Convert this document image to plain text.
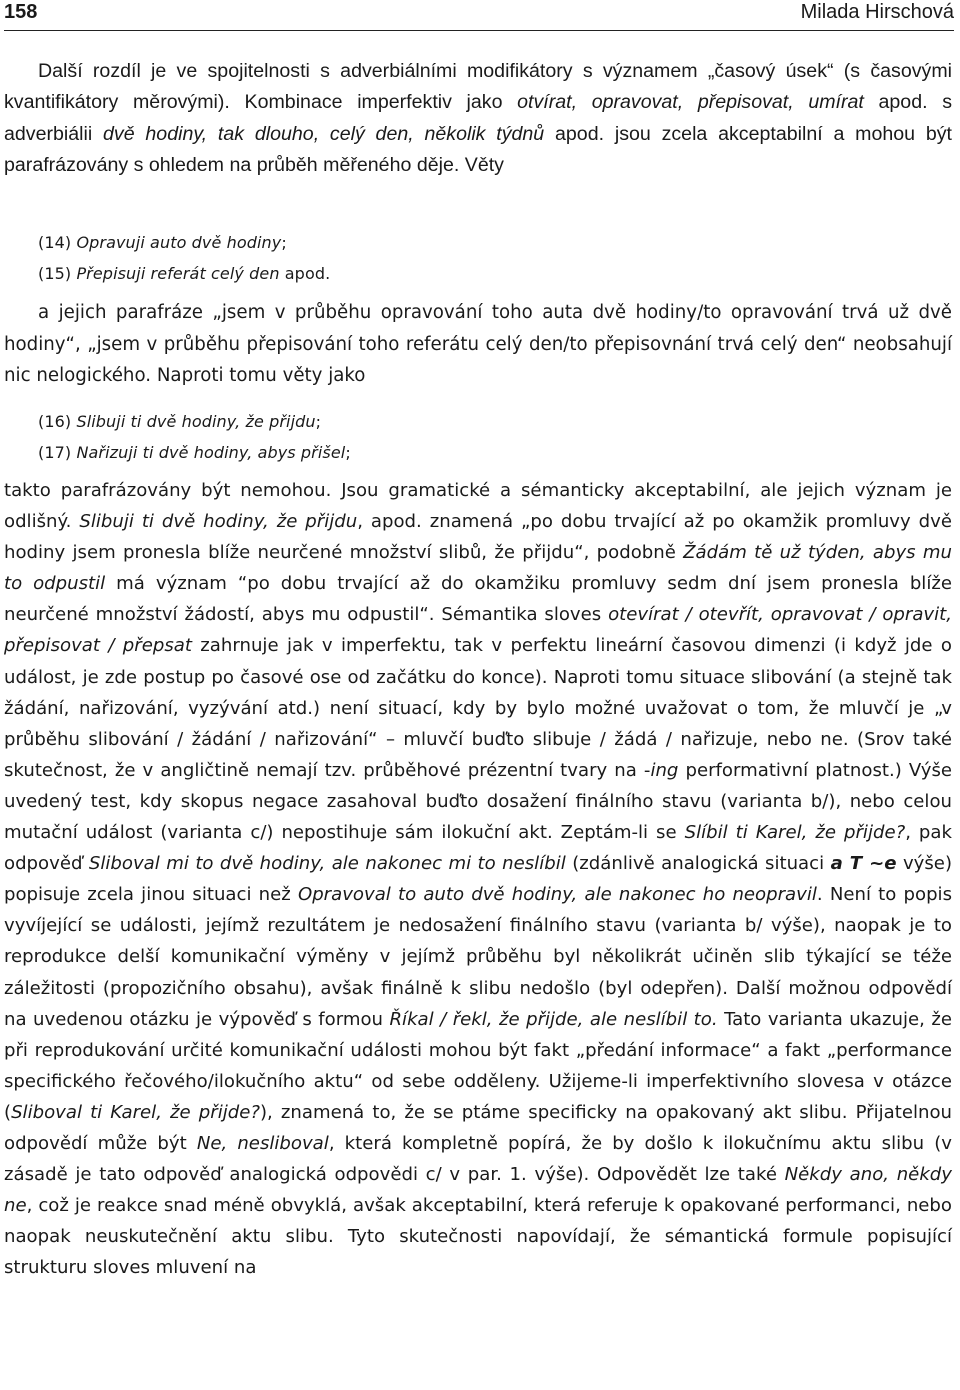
158	Milada Hirschová

Další rozdíl je ve spojitelnosti s adverbiálními modifikátory s významem „časový úsek“ (s časovými kvantifikátory měrovými). Kombinace imperfektiv jako otvírat, opravovat, přepisovat, umírat apod. s adverbiálii dvě hodiny, tak dlouho, celý den, několik týdnů apod. jsou zcela akceptabilní a mohou být parafrázovány s ohledem na průběh měřeného děje. Věty

(14) Opravuji auto dvě hodiny;
(15) Přepisuji referát celý den apod.

a jejich parafráze „jsem v průběhu opravování toho auta dvě hodiny/to opravování trvá už dvě hodiny“, „jsem v průběhu přepisování toho referátu celý den/to přepisovnání trvá celý den“ neobsahují nic nelogického. Naproti tomu věty jako

(16) Slibuji ti dvě hodiny, že přijdu;
(17) Nařizuji ti dvě hodiny, abys přišel;

takto parafrázovány být nemohou. Jsou gramatické a sémanticky akceptabilní, ale jejich význam je odlišný. Slibuji ti dvě hodiny, že přijdu, apod. znamená „po dobu trvající až po okamžik promluvy dvě hodiny jsem pronesla blíže neurčené množství slibů, že přijdu“, podobně Žádám tě už týden, abys mu to odpustil má význam “po dobu trvající až do okamžiku promluvy sedm dní jsem pronesla blíže neurčené množství žádostí, abys mu odpustil“. Sémantika sloves otevírat / otevřít, opravovat / opravit, přepisovat / přepsat zahrnuje jak v imperfektu, tak v perfektu lineární časovou dimenzi (i když jde o událost, je zde postup po časové ose od začátku do konce). Naproti tomu situace slibování (a stejně tak žádání, nařizování, vyzývání atd.) není situací, kdy by bylo možné uvažovat o tom, že mluvčí je „v průběhu slibování / žádání / nařizování“ – mluvčí buďto slibuje / žádá / nařizuje, nebo ne. (Srov také skutečnost, že v angličtině nemají tzv. průběhové prézentní tvary na -ing performativní platnost.) Výše uvedený test, kdy skopus negace zasahoval buďto dosažení finálního stavu (varianta b/), nebo celou mutační událost (varianta c/) nepostihuje sám ilokuční akt. Zeptám-li se Slíbil ti Karel, že přijde?, pak odpověď Sliboval mi to dvě hodiny, ale nakonec mi to neslíbil (zdánlivě analogická situaci a T ~e výše) popisuje zcela jinou situaci než Opravoval to auto dvě hodiny, ale nakonec ho neopravil. Není to popis vyvíjející se události, jejímž rezultátem je nedosažení finálního stavu (varianta b/ výše), naopak je to reprodukce delší komunikační výměny v jejímž průběhu byl několikrát učiněn slib týkající se téže záležitosti (propozičního obsahu), avšak finálně k slibu nedošlo (byl odepřen). Další možnou odpovědí na uvedenou otázku je výpověď s formou Říkal / řekl, že přijde, ale neslíbil to. Tato varianta ukazuje, že při reprodukování určité komunikační události mohou být fakt „předání informace“ a fakt „performance specifického řečového/ilokučního aktu“ od sebe odděleny. Užijeme-li imperfektivního slovesa v otázce (Sliboval ti Karel, že přijde?), znamená to, že se ptáme specificky na opakovaný akt slibu. Přijatelnou odpovědí může být Ne, nesliboval, která kompletně popírá, že by došlo k ilokučnímu aktu slibu (v zásadě je tato odpověď analogická odpovědi c/ v par. 1. výše). Odpovědět lze také Někdy ano, někdy ne, což je reakce snad méně obvyklá, avšak akceptabilní, která referuje k opakované performanci, nebo naopak neuskutečnění aktu slibu. Tyto skutečnosti napovídají, že sémantická formule popisující strukturu sloves mluvení na
